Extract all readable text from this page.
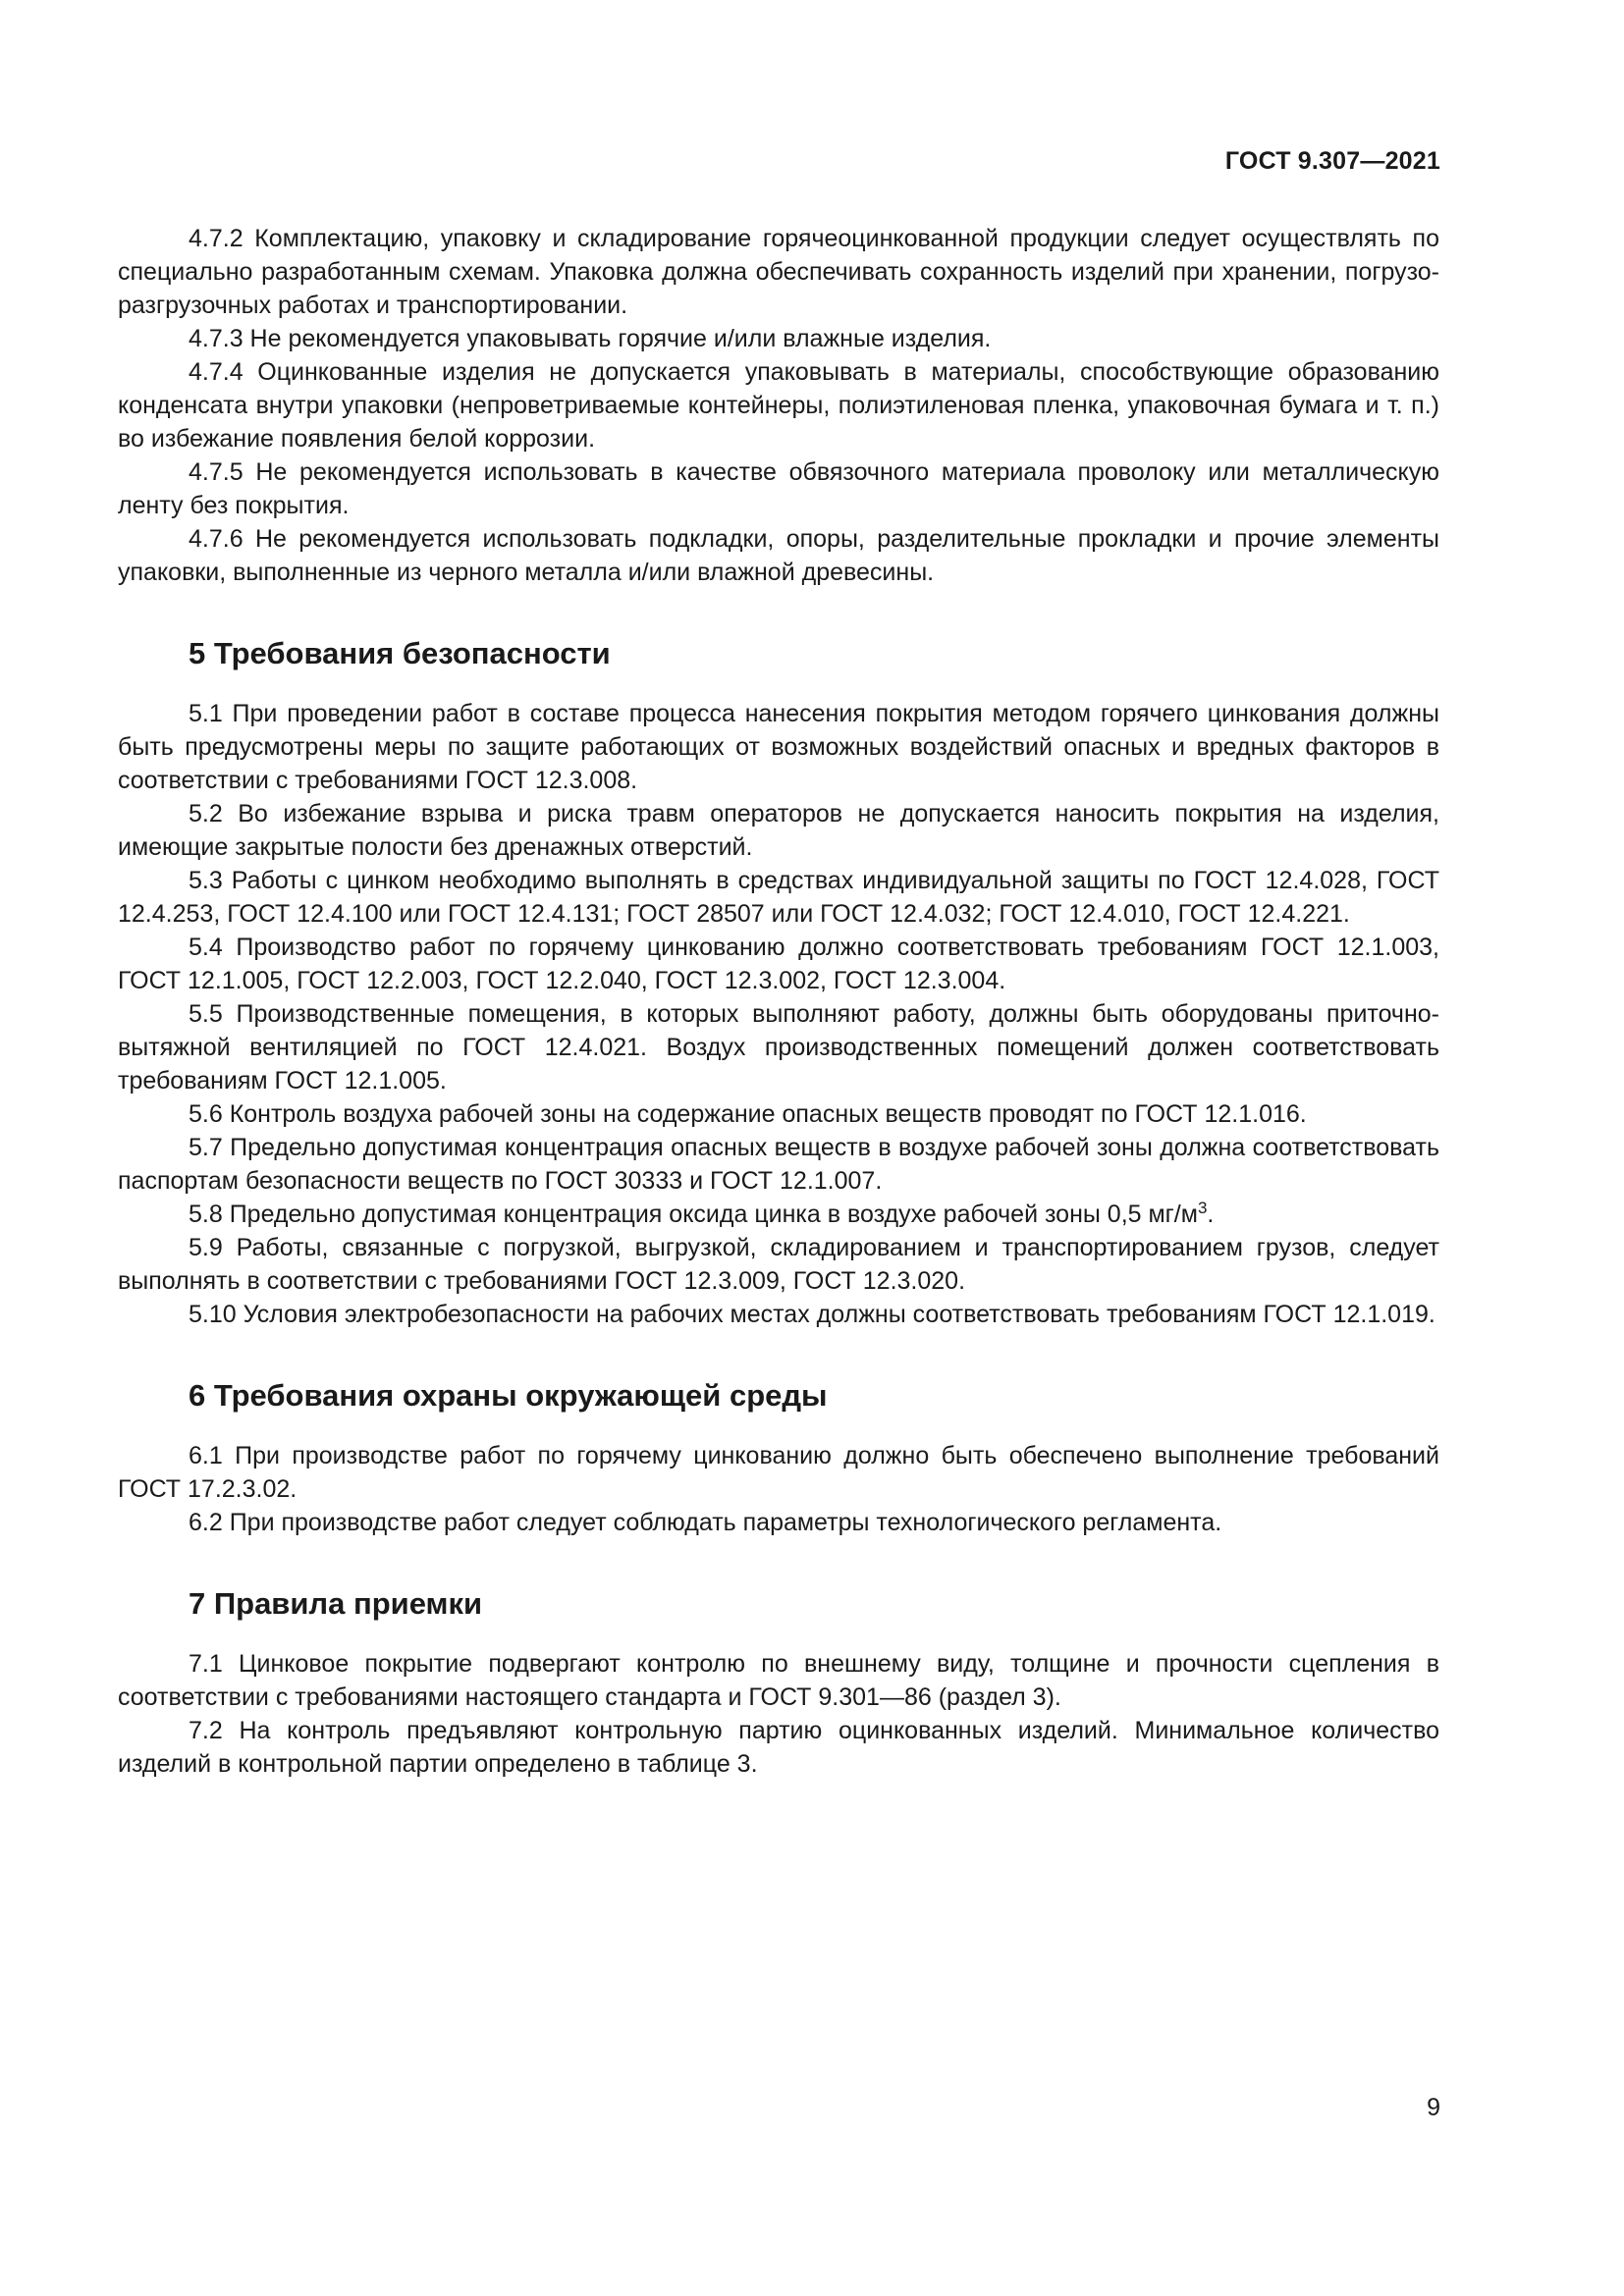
ГОСТ 9.307—2021

4.7.2 Комплектацию, упаковку и складирование горячеоцинкованной продукции следует осуществлять по специально разработанным схемам. Упаковка должна обеспечивать сохранность изделий при хранении, погрузо-разгрузочных работах и транспортировании.

4.7.3 Не рекомендуется упаковывать горячие и/или влажные изделия.

4.7.4 Оцинкованные изделия не допускается упаковывать в материалы, способствующие образованию конденсата внутри упаковки (непроветриваемые контейнеры, полиэтиленовая пленка, упаковочная бумага и т. п.) во избежание появления белой коррозии.

4.7.5 Не рекомендуется использовать в качестве обвязочного материала проволоку или металлическую ленту без покрытия.

4.7.6 Не рекомендуется использовать подкладки, опоры, разделительные прокладки и прочие элементы упаковки, выполненные из черного металла и/или влажной древесины.

5 Требования безопасности

5.1 При проведении работ в составе процесса нанесения покрытия методом горячего цинкования должны быть предусмотрены меры по защите работающих от возможных воздействий опасных и вредных факторов в соответствии с требованиями ГОСТ 12.3.008.

5.2 Во избежание взрыва и риска травм операторов не допускается наносить покрытия на изделия, имеющие закрытые полости без дренажных отверстий.

5.3 Работы с цинком необходимо выполнять в средствах индивидуальной защиты по ГОСТ 12.4.028, ГОСТ 12.4.253, ГОСТ 12.4.100 или ГОСТ 12.4.131; ГОСТ 28507 или ГОСТ 12.4.032; ГОСТ 12.4.010, ГОСТ 12.4.221.

5.4 Производство работ по горячему цинкованию должно соответствовать требованиям ГОСТ 12.1.003, ГОСТ 12.1.005, ГОСТ 12.2.003, ГОСТ 12.2.040, ГОСТ 12.3.002, ГОСТ 12.3.004.

5.5 Производственные помещения, в которых выполняют работу, должны быть оборудованы приточно-вытяжной вентиляцией по ГОСТ 12.4.021. Воздух производственных помещений должен соответствовать требованиям ГОСТ 12.1.005.

5.6 Контроль воздуха рабочей зоны на содержание опасных веществ проводят по ГОСТ 12.1.016.

5.7 Предельно допустимая концентрация опасных веществ в воздухе рабочей зоны должна соответствовать паспортам безопасности веществ по ГОСТ 30333 и ГОСТ 12.1.007.

5.8 Предельно допустимая концентрация оксида цинка в воздухе рабочей зоны 0,5 $мг/м^3$.

5.9 Работы, связанные с погрузкой, выгрузкой, складированием и транспортированием грузов, следует выполнять в соответствии с требованиями ГОСТ 12.3.009, ГОСТ 12.3.020.

5.10 Условия электробезопасности на рабочих местах должны соответствовать требованиям ГОСТ 12.1.019.

6 Требования охраны окружающей среды

6.1 При производстве работ по горячему цинкованию должно быть обеспечено выполнение требований ГОСТ 17.2.3.02.

6.2 При производстве работ следует соблюдать параметры технологического регламента.

7 Правила приемки

7.1 Цинковое покрытие подвергают контролю по внешнему виду, толщине и прочности сцепления в соответствии с требованиями настоящего стандарта и ГОСТ 9.301—86 (раздел 3).

7.2 На контроль предъявляют контрольную партию оцинкованных изделий. Минимальное количество изделий в контрольной партии определено в таблице 3.

9
